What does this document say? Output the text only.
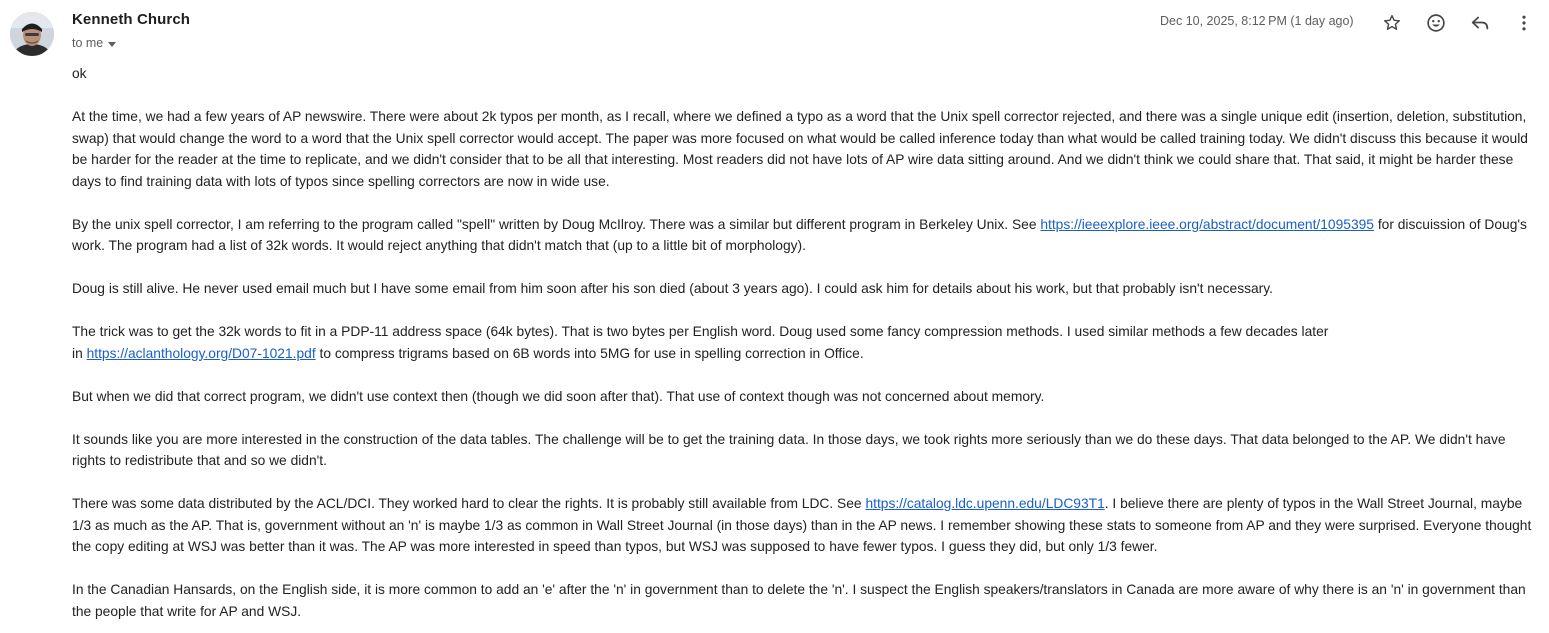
Kenneth Church
to me
Dec 10, 2025, 8:12 PM (1 day ago)

ok

At the time, we had a few years of AP newswire. There were about 2k typos per month, as I recall, where we defined a typo as a word that the Unix spell corrector rejected, and there was a single unique edit (insertion, deletion, substitution, swap) that would change the word to a word that the Unix spell corrector would accept. The paper was more focused on what would be called inference today than what would be called training today. We didn't discuss this because it would be harder for the reader at the time to replicate, and we didn't consider that to be all that interesting. Most readers did not have lots of AP wire data sitting around. And we didn't think we could share that. That said, it might be harder these days to find training data with lots of typos since spelling correctors are now in wide use.

By the unix spell corrector, I am referring to the program called "spell" written by Doug McIlroy. There was a similar but different program in Berkeley Unix. See https://ieeexplore.ieee.org/abstract/document/1095395 for discuission of Doug's work. The program had a list of 32k words. It would reject anything that didn't match that (up to a little bit of morphology).

Doug is still alive. He never used email much but I have some email from him soon after his son died (about 3 years ago). I could ask him for details about his work, but that probably isn't necessary.

The trick was to get the 32k words to fit in a PDP-11 address space (64k bytes). That is two bytes per English word. Doug used some fancy compression methods. I used similar methods a few decades later
in https://aclanthology.org/D07-1021.pdf to compress trigrams based on 6B words into 5MG for use in spelling correction in Office.

But when we did that correct program, we didn't use context then (though we did soon after that). That use of context though was not concerned about memory.

It sounds like you are more interested in the construction of the data tables. The challenge will be to get the training data. In those days, we took rights more seriously than we do these days. That data belonged to the AP. We didn't have rights to redistribute that and so we didn't.

There was some data distributed by the ACL/DCI. They worked hard to clear the rights. It is probably still available from LDC. See https://catalog.ldc.upenn.edu/LDC93T1. I believe there are plenty of typos in the Wall Street Journal, maybe 1/3 as much as the AP. That is, government without an 'n' is maybe 1/3 as common in Wall Street Journal (in those days) than in the AP news. I remember showing these stats to someone from AP and they were surprised. Everyone thought the copy editing at WSJ was better than it was. The AP was more interested in speed than typos, but WSJ was supposed to have fewer typos. I guess they did, but only 1/3 fewer.

In the Canadian Hansards, on the English side, it is more common to add an 'e' after the 'n' in government than to delete the 'n'. I suspect the English speakers/translators in Canada are more aware of why there is an 'n' in government than the people that write for AP and WSJ.
